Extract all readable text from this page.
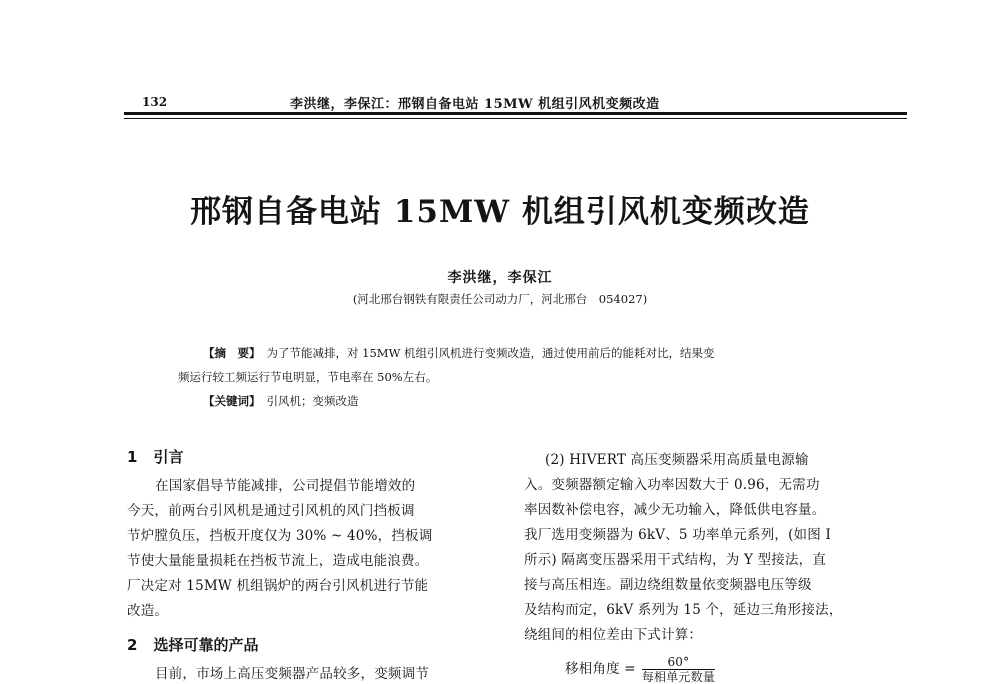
132	李洪继，李保江：邢钢自备电站 15MW 机组引风机变频改造
邢钢自备电站 15MW 机组引风机变频改造
李洪继，李保江
(河北邢台钢铁有限责任公司动力厂，河北邢台　054027)
【摘　要】 为了节能减排，对 15MW 机组引风机进行变频改造，通过使用前后的能耗对比，结果变
频运行较工频运行节电明显，节电率在 50%左右。
【关键词】 引风机；变频改造
1 引言
在国家倡导节能减排，公司提倡节能增效的
今天，前两台引风机是通过引风机的风门挡板调
节炉膛负压，挡板开度仅为 30% ~ 40%，挡板调
节使大量能量损耗在挡板节流上，造成电能浪费。
厂决定对 15MW 机组锅炉的两台引风机进行节能
改造。
2 选择可靠的产品
目前，市场上高压变频器产品较多，变频调节
(2) HIVERT 高压变频器采用高质量电源输
入。变频器额定输入功率因数大于 0.96，无需功
率因数补偿电容，减少无功输入，降低供电容量。
我厂选用变频器为 6kV、5 功率单元系列，(如图 I
所示) 隔离变压器采用干式结构，为 Y 型接法，直
接与高压相连。副边绕组数量依变频器电压等级
及结构而定，6kV 系列为 15 个，延边三角形接法，
绕组间的相位差由下式计算：
移相角度 = $\frac{60^\circ}{\text{每相单元数量}}$
